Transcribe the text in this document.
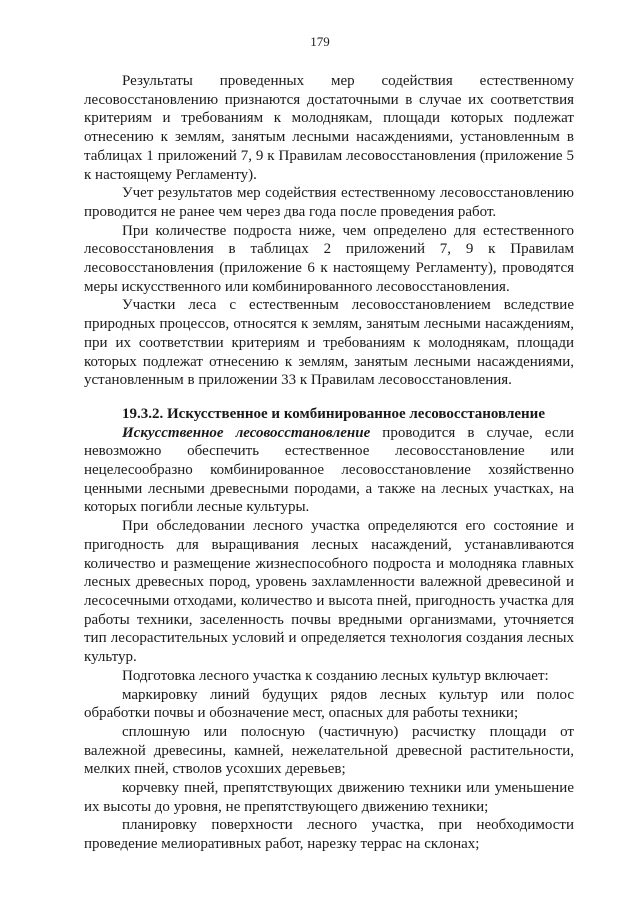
179

Результаты проведенных мер содействия естественному лесовосстановлению признаются достаточными в случае их соответствия критериям и требованиям к молоднякам, площади которых подлежат отнесению к землям, занятым лесными насаждениями, установленным в таблицах 1 приложений 7, 9 к Правилам лесовосстановления (приложение 5 к настоящему Регламенту).

Учет результатов мер содействия естественному лесовосстановлению проводится не ранее чем через два года после проведения работ.

При количестве подроста ниже, чем определено для естественного лесовосстановления в таблицах 2 приложений 7, 9 к Правилам лесовосстановления (приложение 6 к настоящему Регламенту), проводятся меры искусственного или комбинированного лесовосстановления.

Участки леса с естественным лесовосстановлением вследствие природных процессов, относятся к землям, занятым лесными насаждениям, при их соответствии критериям и требованиям к молоднякам, площади которых подлежат отнесению к землям, занятым лесными насаждениями, установленным в приложении 33 к Правилам лесовосстановления.

19.3.2. Искусственное и комбинированное лесовосстановление

Искусственное лесовосстановление проводится в случае, если невозможно обеспечить естественное лесовосстановление или нецелесообразно комбинированное лесовосстановление хозяйственно ценными лесными древесными породами, а также на лесных участках, на которых погибли лесные культуры.

При обследовании лесного участка определяются его состояние и пригодность для выращивания лесных насаждений, устанавливаются количество и размещение жизнеспособного подроста и молодняка главных лесных древесных пород, уровень захламленности валежной древесиной и лесосечными отходами, количество и высота пней, пригодность участка для работы техники, заселенность почвы вредными организмами, уточняется тип лесорастительных условий и определяется технология создания лесных культур.

Подготовка лесного участка к созданию лесных культур включает:

маркировку линий будущих рядов лесных культур или полос обработки почвы и обозначение мест, опасных для работы техники;

сплошную или полосную (частичную) расчистку площади от валежной древесины, камней, нежелательной древесной растительности, мелких пней, стволов усохших деревьев;

корчевку пней, препятствующих движению техники или уменьшение их высоты до уровня, не препятствующего движению техники;

планировку поверхности лесного участка, при необходимости проведение мелиоративных работ, нарезку террас на склонах;
